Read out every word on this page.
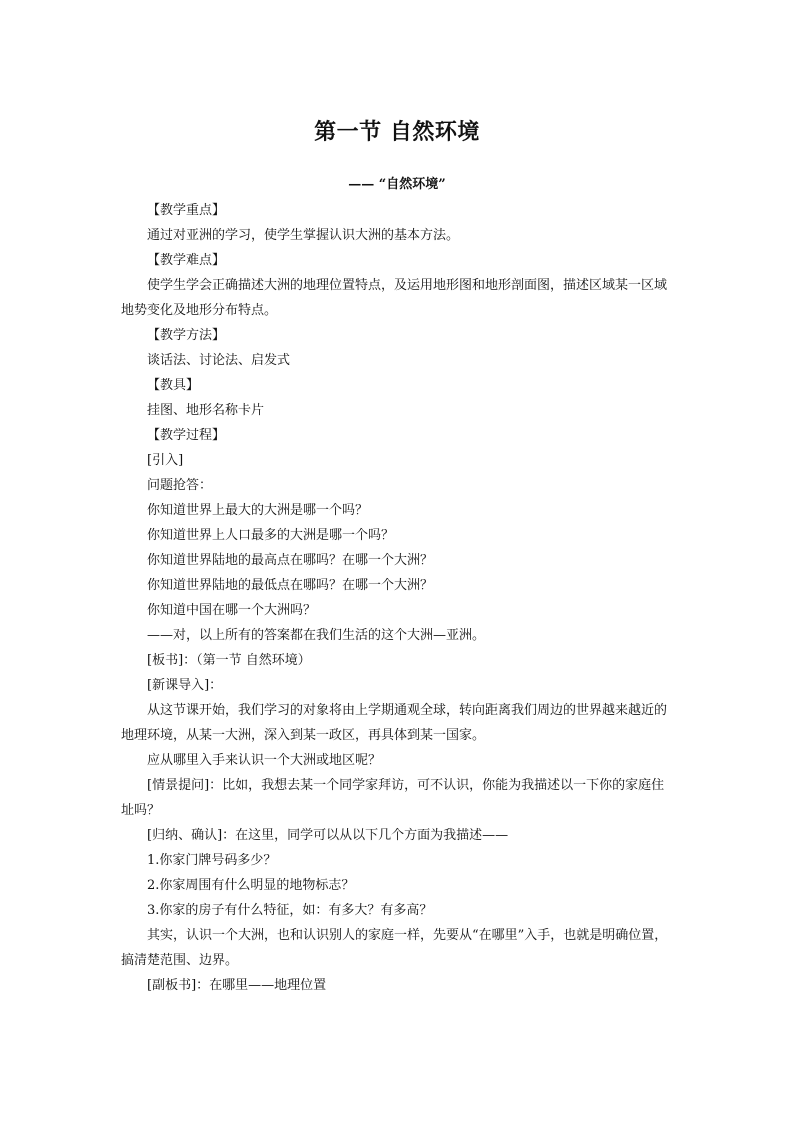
第一节 自然环境
—— “自然环境”

【教学重点】

通过对亚洲的学习，使学生掌握认识大洲的基本方法。

【教学难点】

使学生学会正确描述大洲的地理位置特点，及运用地形图和地形剖面图，描述区域某一区域地势变化及地形分布特点。

【教学方法】

谈话法、讨论法、启发式

【教具】

挂图、地形名称卡片

【教学过程】

[引入]

问题抢答：

你知道世界上最大的大洲是哪一个吗？

你知道世界上人口最多的大洲是哪一个吗？

你知道世界陆地的最高点在哪吗？在哪一个大洲？

你知道世界陆地的最低点在哪吗？在哪一个大洲？

你知道中国在哪一个大洲吗？

——对，以上所有的答案都在我们生活的这个大洲—亚洲。

[板书]：（第一节 自然环境）

[新课导入]：

从这节课开始，我们学习的对象将由上学期通观全球，转向距离我们周边的世界越来越近的地理环境，从某一大洲，深入到某一政区，再具体到某一国家。

应从哪里入手来认识一个大洲或地区呢？

[情景提问]：比如，我想去某一个同学家拜访，可不认识，你能为我描述以一下你的家庭住址吗？

[归纳、确认]：在这里，同学可以从以下几个方面为我描述——

1.你家门牌号码多少？

2.你家周围有什么明显的地物标志？

3.你家的房子有什么特征，如：有多大？有多高？

其实，认识一个大洲，也和认识别人的家庭一样，先要从“在哪里”入手，也就是明确位置，搞清楚范围、边界。

[副板书]：在哪里——地理位置
